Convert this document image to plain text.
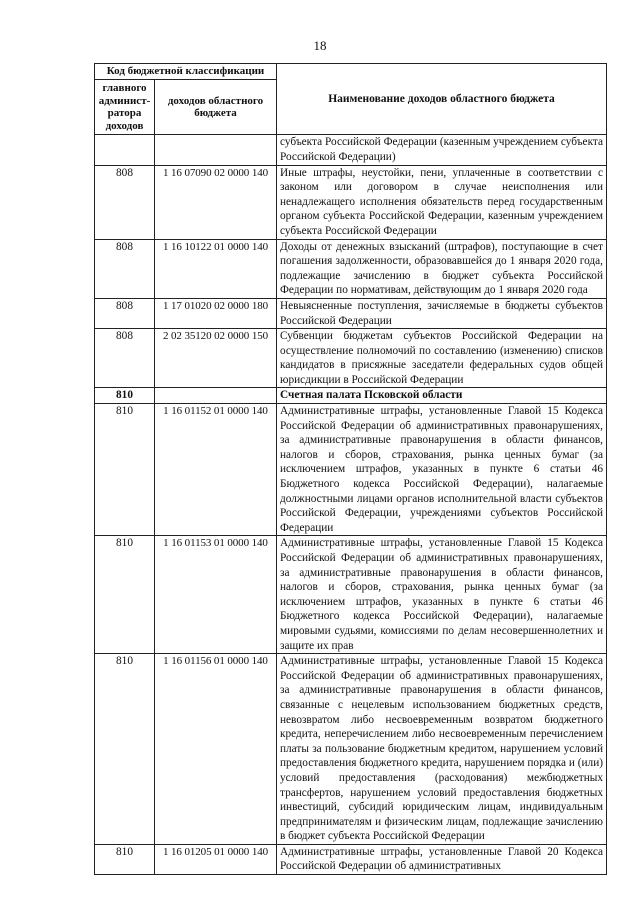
18
Код бюджетной классификации		Наименование доходов областного бюджета
главного админист-ратора доходов	доходов областного бюджета	
		субъекта Российской Федерации (казенным учреждением субъекта Российской Федерации)
808	1 16 07090 02 0000 140	Иные штрафы, неустойки, пени, уплаченные в соответствии с законом или договором в случае неисполнения или ненадлежащего исполнения обязательств перед государственным органом субъекта Российской Федерации, казенным учреждением субъекта Российской Федерации
808	1 16 10122 01 0000 140	Доходы от денежных взысканий (штрафов), поступающие в счет погашения задолженности, образовавшейся до 1 января 2020 года, подлежащие зачислению в бюджет субъекта Российской Федерации по нормативам, действующим до 1 января 2020 года
808	1 17 01020 02 0000 180	Невыясненные поступления, зачисляемые в бюджеты субъектов Российской Федерации
808	2 02 35120 02 0000 150	Субвенции бюджетам субъектов Российской Федерации на осуществление полномочий по составлению (изменению) списков кандидатов в присяжные заседатели федеральных судов общей юрисдикции в Российской Федерации
810		Счетная палата Псковской области
810	1 16 01152 01 0000 140	Административные штрафы, установленные Главой 15 Кодекса Российской Федерации об административных правонарушениях, за административные правонарушения в области финансов, налогов и сборов, страхования, рынка ценных бумаг (за исключением штрафов, указанных в пункте 6 статьи 46 Бюджетного кодекса Российской Федерации), налагаемые должностными лицами органов исполнительной власти субъектов Российской Федерации, учреждениями субъектов Российской Федерации
810	1 16 01153 01 0000 140	Административные штрафы, установленные Главой 15 Кодекса Российской Федерации об административных правонарушениях, за административные правонарушения в области финансов, налогов и сборов, страхования, рынка ценных бумаг (за исключением штрафов, указанных в пункте 6 статьи 46 Бюджетного кодекса Российской Федерации), налагаемые мировыми судьями, комиссиями по делам несовершеннолетних и защите их прав
810	1 16 01156 01 0000 140	Административные штрафы, установленные Главой 15 Кодекса Российской Федерации об административных правонарушениях, за административные правонарушения в области финансов, связанные с нецелевым использованием бюджетных средств, невозвратом либо несвоевременным возвратом бюджетного кредита, неперечислением либо несвоевременным перечислением платы за пользование бюджетным кредитом, нарушением условий предоставления бюджетного кредита, нарушением порядка и (или) условий предоставления (расходования) межбюджетных трансфертов, нарушением условий предоставления бюджетных инвестиций, субсидий юридическим лицам, индивидуальным предпринимателям и физическим лицам, подлежащие зачислению в бюджет субъекта Российской Федерации
810	1 16 01205 01 0000 140	Административные штрафы, установленные Главой 20 Кодекса Российской Федерации об административных
